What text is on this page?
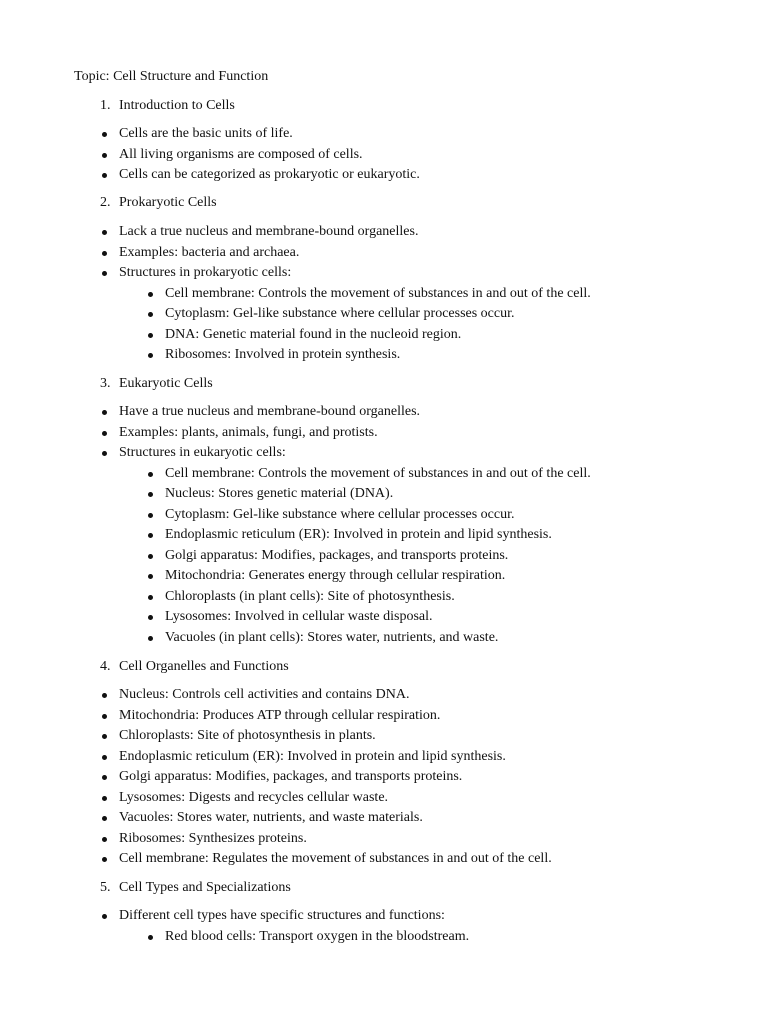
Topic: Cell Structure and Function
1. Introduction to Cells
Cells are the basic units of life.
All living organisms are composed of cells.
Cells can be categorized as prokaryotic or eukaryotic.
2. Prokaryotic Cells
Lack a true nucleus and membrane-bound organelles.
Examples: bacteria and archaea.
Structures in prokaryotic cells:
Cell membrane: Controls the movement of substances in and out of the cell.
Cytoplasm: Gel-like substance where cellular processes occur.
DNA: Genetic material found in the nucleoid region.
Ribosomes: Involved in protein synthesis.
3. Eukaryotic Cells
Have a true nucleus and membrane-bound organelles.
Examples: plants, animals, fungi, and protists.
Structures in eukaryotic cells:
Cell membrane: Controls the movement of substances in and out of the cell.
Nucleus: Stores genetic material (DNA).
Cytoplasm: Gel-like substance where cellular processes occur.
Endoplasmic reticulum (ER): Involved in protein and lipid synthesis.
Golgi apparatus: Modifies, packages, and transports proteins.
Mitochondria: Generates energy through cellular respiration.
Chloroplasts (in plant cells): Site of photosynthesis.
Lysosomes: Involved in cellular waste disposal.
Vacuoles (in plant cells): Stores water, nutrients, and waste.
4. Cell Organelles and Functions
Nucleus: Controls cell activities and contains DNA.
Mitochondria: Produces ATP through cellular respiration.
Chloroplasts: Site of photosynthesis in plants.
Endoplasmic reticulum (ER): Involved in protein and lipid synthesis.
Golgi apparatus: Modifies, packages, and transports proteins.
Lysosomes: Digests and recycles cellular waste.
Vacuoles: Stores water, nutrients, and waste materials.
Ribosomes: Synthesizes proteins.
Cell membrane: Regulates the movement of substances in and out of the cell.
5. Cell Types and Specializations
Different cell types have specific structures and functions:
Red blood cells: Transport oxygen in the bloodstream.
